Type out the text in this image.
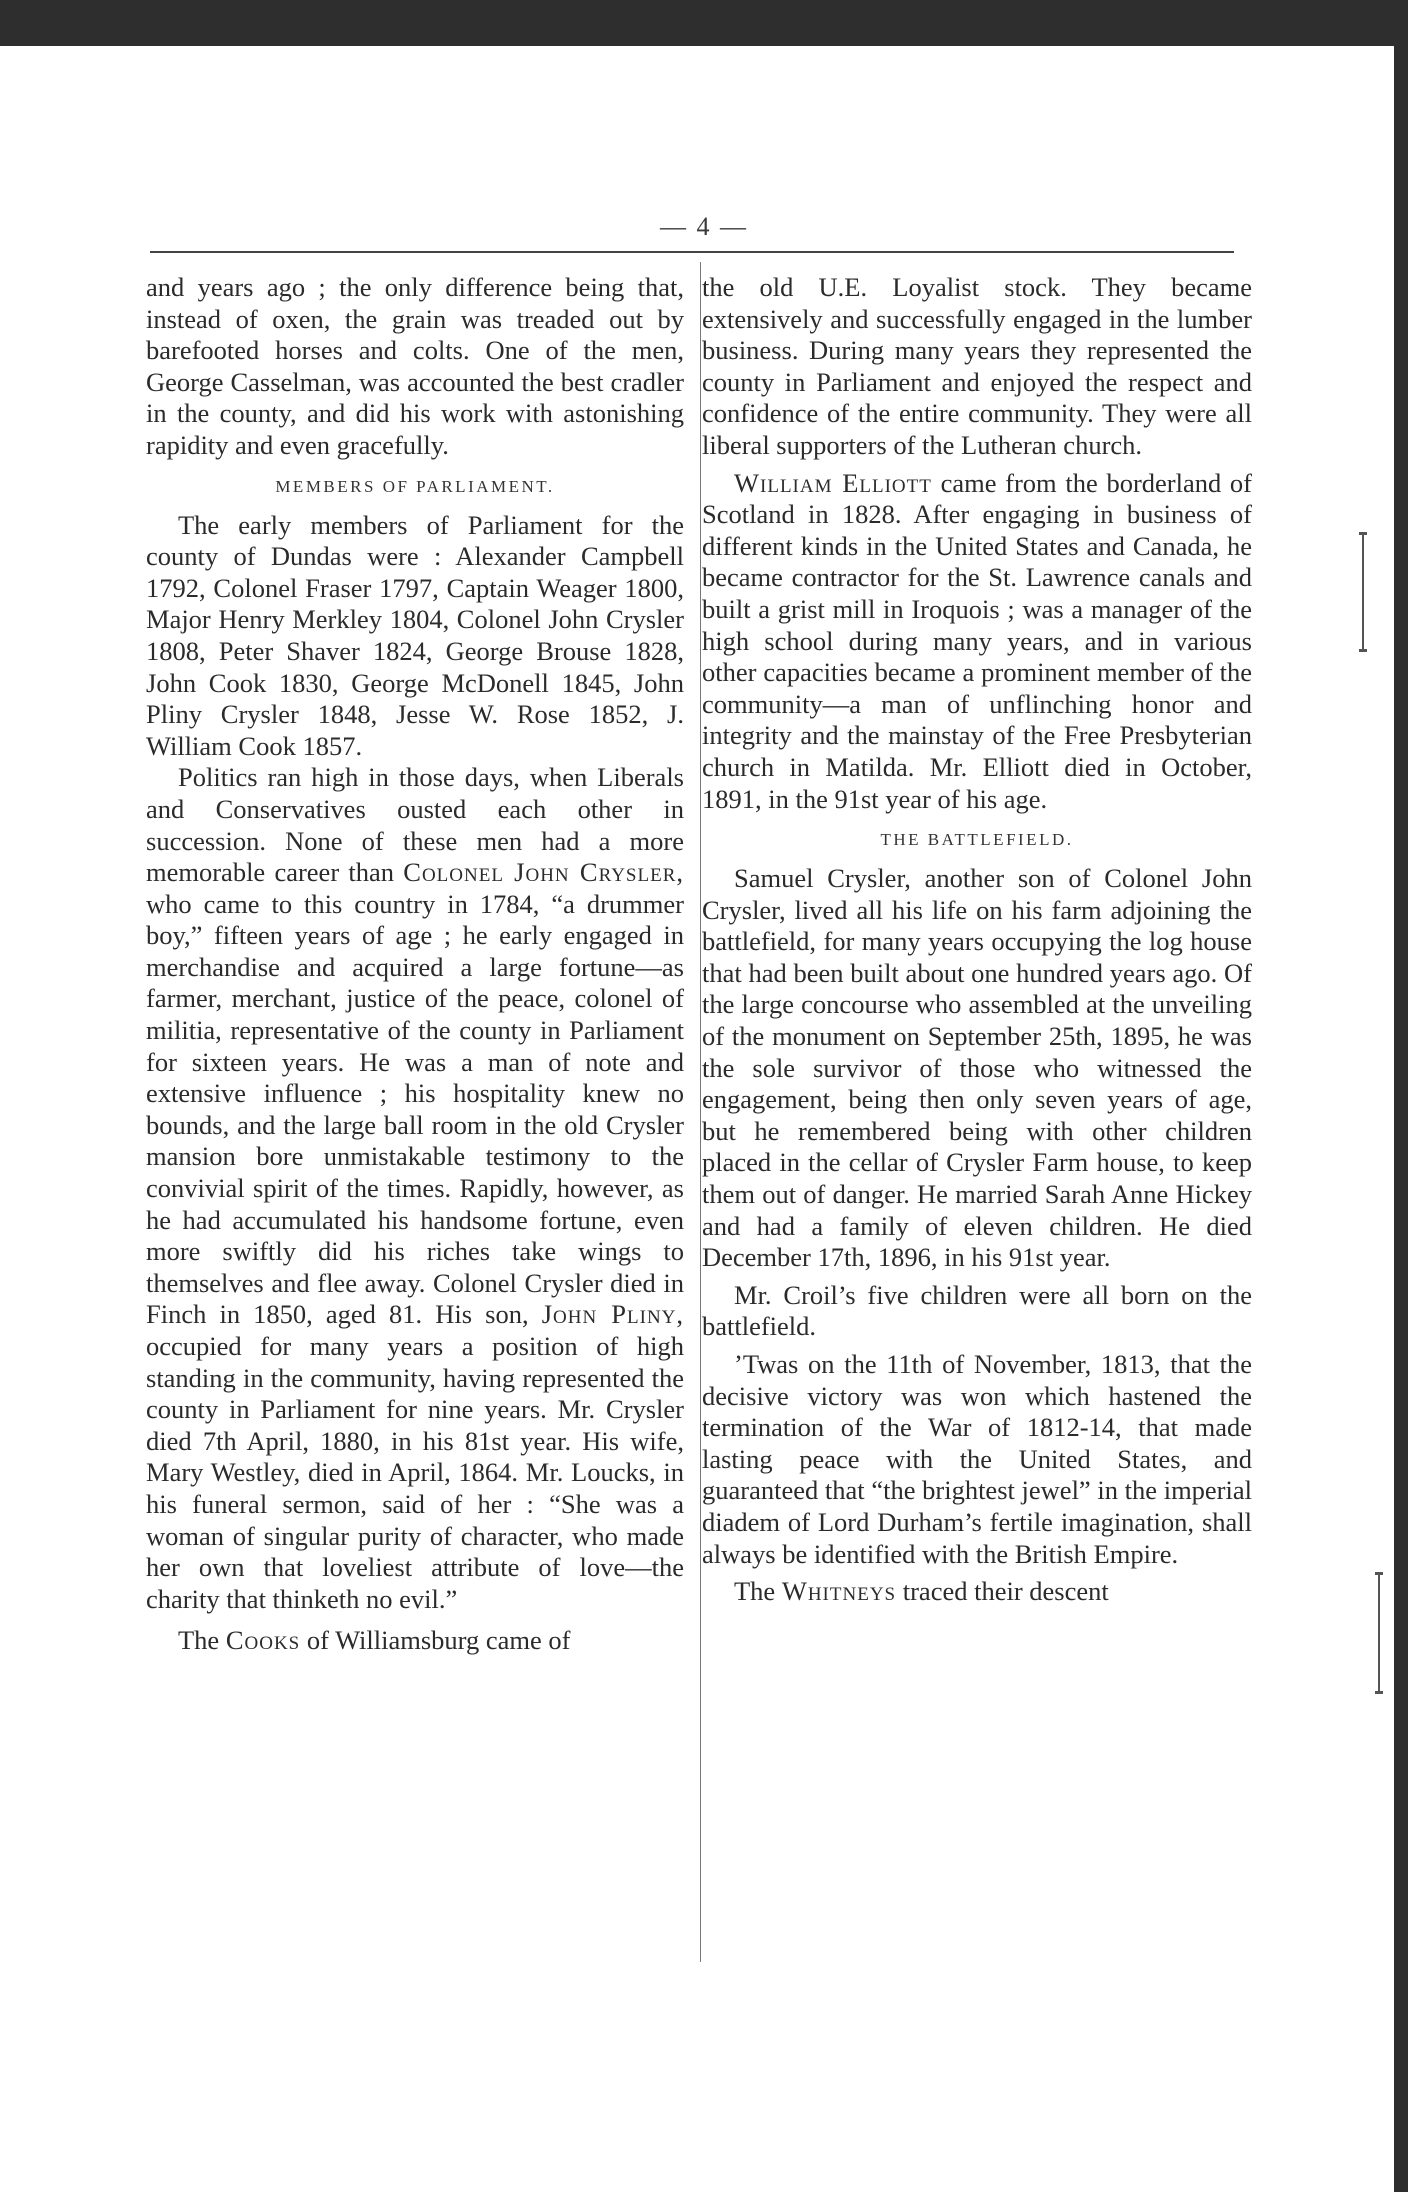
— 4 —

and years ago ; the only difference being that, instead of oxen, the grain was treaded out by barefooted horses and colts. One of the men, George Casselman, was accounted the best cradler in the county, and did his work with astonishing rapidity and even gracefully.

MEMBERS OF PARLIAMENT.

The early members of Parliament for the county of Dundas were : Alexander Campbell 1792, Colonel Fraser 1797, Captain Weager 1800, Major Henry Merkley 1804, Colonel John Crysler 1808, Peter Shaver 1824, George Brouse 1828, John Cook 1830, George McDonell 1845, John Pliny Crysler 1848, Jesse W. Rose 1852, J. William Cook 1857.

Politics ran high in those days, when Liberals and Conservatives ousted each other in succession. None of these men had a more memorable career than Colonel John Crysler, who came to this country in 1784, “a drummer boy,” fifteen years of age ; he early engaged in merchandise and acquired a large fortune—as farmer, merchant, justice of the peace, colonel of militia, representative of the county in Parliament for sixteen years. He was a man of note and extensive influence ; his hospitality knew no bounds, and the large ball room in the old Crysler mansion bore unmistakable testimony to the convivial spirit of the times. Rapidly, however, as he had accumulated his handsome fortune, even more swiftly did his riches take wings to themselves and flee away. Colonel Crysler died in Finch in 1850, aged 81. His son, John Pliny, occupied for many years a position of high standing in the community, having represented the county in Parliament for nine years. Mr. Crysler died 7th April, 1880, in his 81st year. His wife, Mary Westley, died in April, 1864. Mr. Loucks, in his funeral sermon, said of her : “She was a woman of singular purity of character, who made her own that loveliest attribute of love—the charity that thinketh no evil.”

The Cooks of Williamsburg came of

the old U.E. Loyalist stock. They became extensively and successfully engaged in the lumber business. During many years they represented the county in Parliament and enjoyed the respect and confidence of the entire community. They were all liberal supporters of the Lutheran church.

William Elliott came from the borderland of Scotland in 1828. After engaging in business of different kinds in the United States and Canada, he became contractor for the St. Lawrence canals and built a grist mill in Iroquois ; was a manager of the high school during many years, and in various other capacities became a prominent member of the community—a man of unflinching honor and integrity and the mainstay of the Free Presbyterian church in Matilda. Mr. Elliott died in October, 1891, in the 91st year of his age.

THE BATTLEFIELD.

Samuel Crysler, another son of Colonel John Crysler, lived all his life on his farm adjoining the battlefield, for many years occupying the log house that had been built about one hundred years ago. Of the large concourse who assembled at the unveiling of the monument on September 25th, 1895, he was the sole survivor of those who witnessed the engagement, being then only seven years of age, but he remembered being with other children placed in the cellar of Crysler Farm house, to keep them out of danger. He married Sarah Anne Hickey and had a family of eleven children. He died December 17th, 1896, in his 91st year.

Mr. Croil’s five children were all born on the battlefield.

’Twas on the 11th of November, 1813, that the decisive victory was won which hastened the termination of the War of 1812-14, that made lasting peace with the United States, and guaranteed that “the brightest jewel” in the imperial diadem of Lord Durham’s fertile imagination, shall always be identified with the British Empire.

The Whitneys traced their descent
